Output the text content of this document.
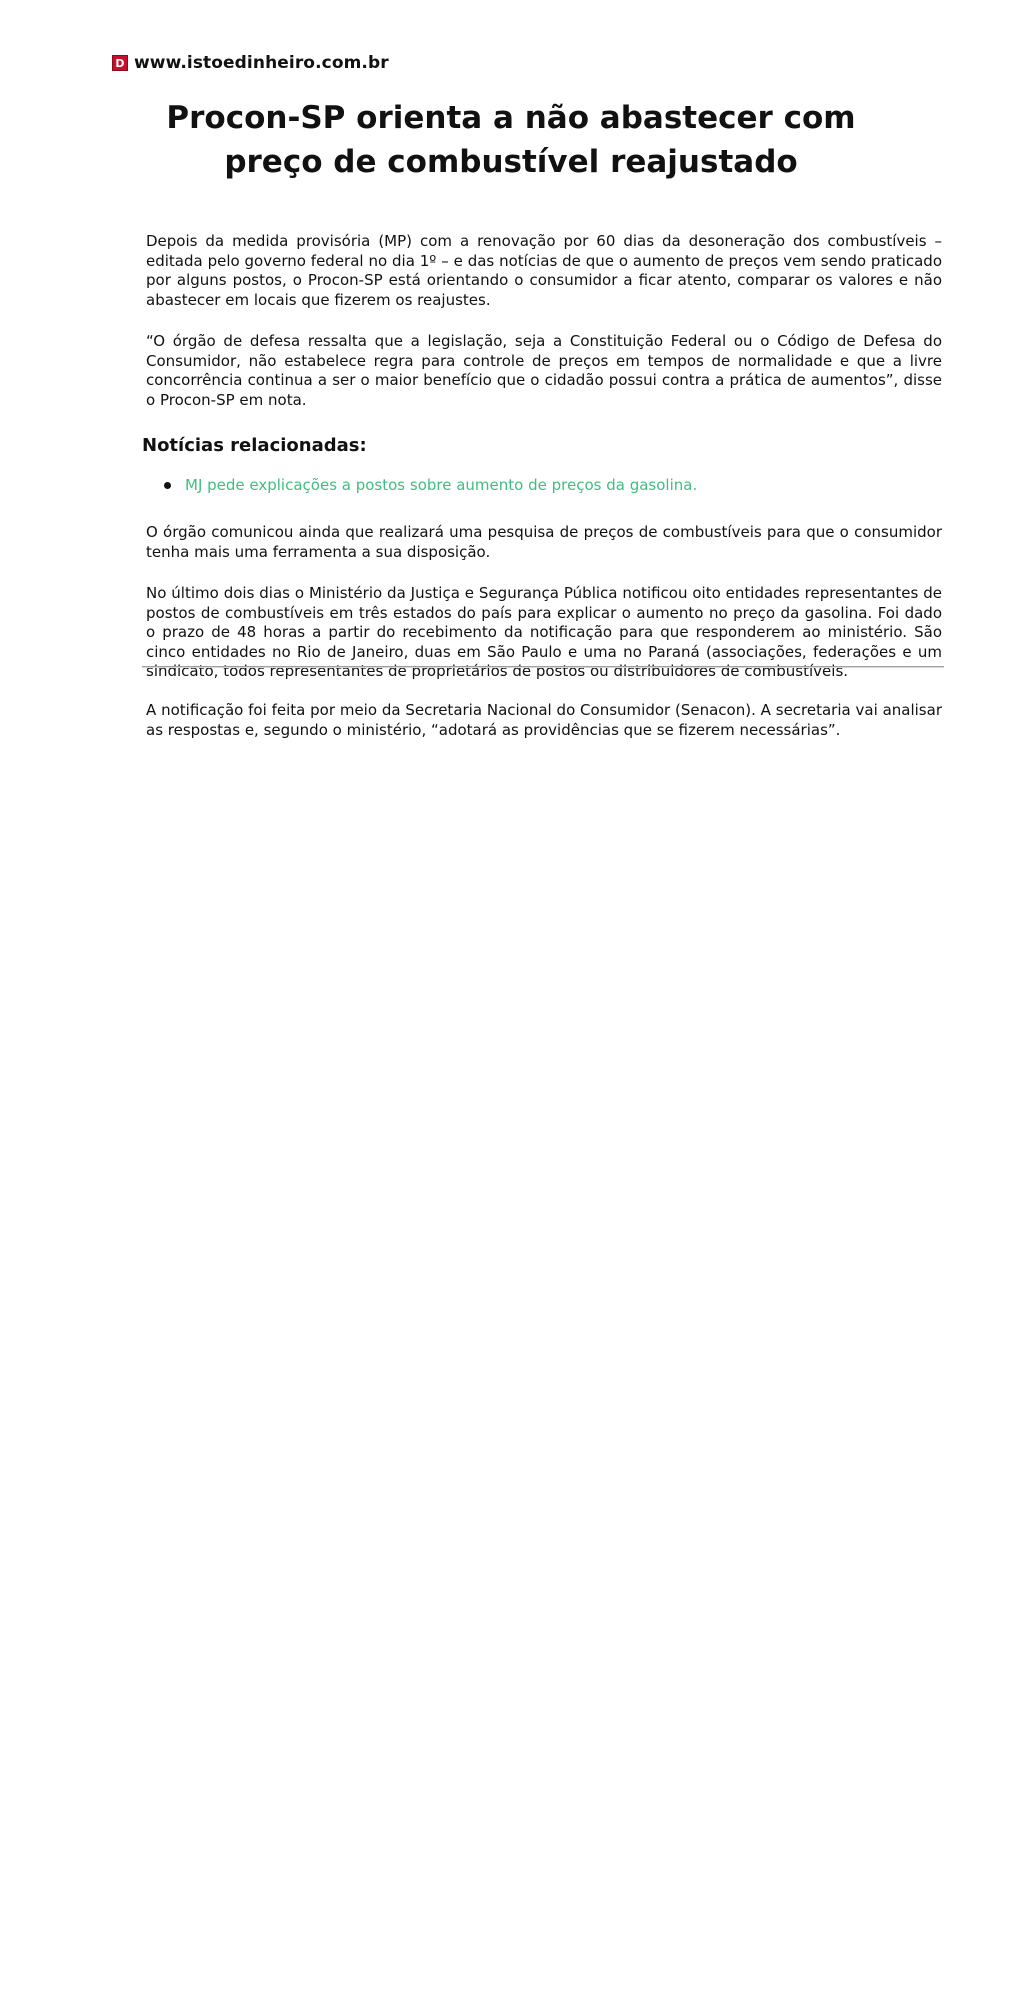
D www.istoedinheiro.com.br
Procon-SP orienta a não abastecer com preço de combustível reajustado

Depois da medida provisória (MP) com a renovação por 60 dias da desoneração dos combustíveis – editada pelo governo federal no dia 1º – e das notícias de que o aumento de preços vem sendo praticado por alguns postos, o Procon-SP está orientando o consumidor a ficar atento, comparar os valores e não abastecer em locais que fizerem os reajustes.

“O órgão de defesa ressalta que a legislação, seja a Constituição Federal ou o Código de Defesa do Consumidor, não estabelece regra para controle de preços em tempos de normalidade e que a livre concorrência continua a ser o maior benefício que o cidadão possui contra a prática de aumentos”, disse o Procon-SP em nota.

Notícias relacionadas:
MJ pede explicações a postos sobre aumento de preços da gasolina.

O órgão comunicou ainda que realizará uma pesquisa de preços de combustíveis para que o consumidor tenha mais uma ferramenta a sua disposição.

No último dois dias o Ministério da Justiça e Segurança Pública notificou oito entidades representantes de postos de combustíveis em três estados do país para explicar o aumento no preço da gasolina. Foi dado o prazo de 48 horas a partir do recebimento da notificação para que responderem ao ministério. São cinco entidades no Rio de Janeiro, duas em São Paulo e uma no Paraná (associações, federações e um sindicato, todos representantes de proprietários de postos ou distribuidores de combustíveis.

A notificação foi feita por meio da Secretaria Nacional do Consumidor (Senacon). A secretaria vai analisar as respostas e, segundo o ministério, “adotará as providências que se fizerem necessárias”.
